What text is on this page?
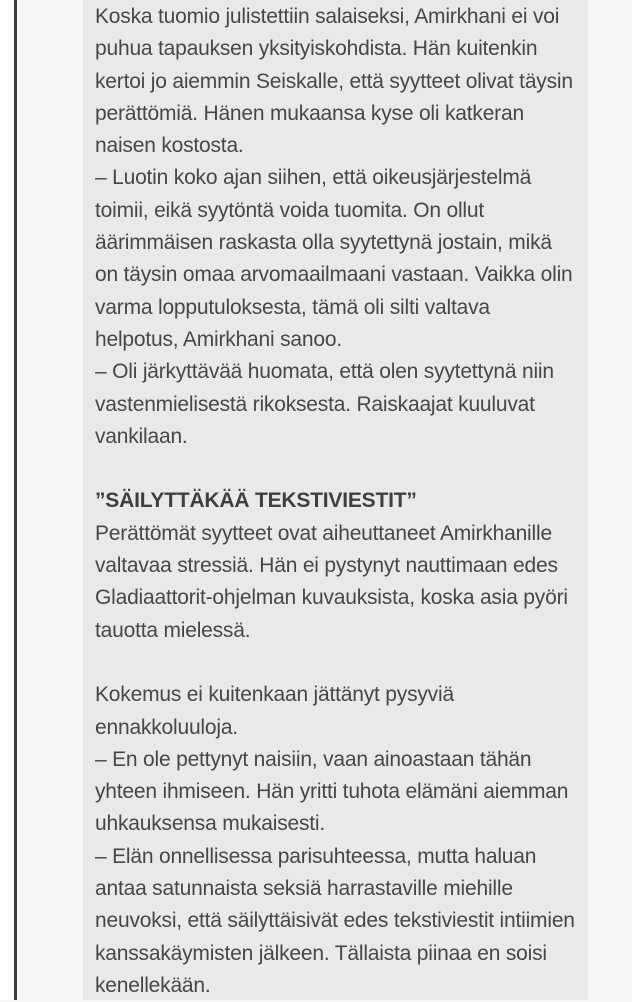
Koska tuomio julistettiin salaiseksi, Amirkhani ei voi puhua tapauksen yksityiskohdista. Hän kuitenkin kertoi jo aiemmin Seiskalle, että syytteet olivat täysin perättömiä. Hänen mukaansa kyse oli katkeran naisen kostosta.

– Luotin koko ajan siihen, että oikeusjärjestelmä toimii, eikä syytöntä voida tuomita. On ollut äärimmäisen raskasta olla syytettynä jostain, mikä on täysin omaa arvomaailmaani vastaan. Vaikka olin varma lopputuloksesta, tämä oli silti valtava helpotus, Amirkhani sanoo.

– Oli järkyttävää huomata, että olen syytettynä niin vastenmielisestä rikoksesta. Raiskaajat kuuluvat vankilaan.

”SÄILYTTÄKÄÄ TEKSTIVIESTIT”

Perättömät syytteet ovat aiheuttaneet Amirkhanille valtavaa stressiä. Hän ei pystynyt nauttimaan edes Gladiaattorit-ohjelman kuvauksista, koska asia pyöri tauotta mielessä.

Kokemus ei kuitenkaan jättänyt pysyviä ennakkoluuloja.

– En ole pettynyt naisiin, vaan ainoastaan tähän yhteen ihmiseen. Hän yritti tuhota elämäni aiemman uhkauksensa mukaisesti.

– Elän onnellisessa parisuhteessa, mutta haluan antaa satunnaista seksiä harrastaville miehille neuvoksi, että säilyttäisivät edes tekstiviestit intiimien kanssakäymisten jälkeen. Tällaista piinaa en soisi kenellekään.
